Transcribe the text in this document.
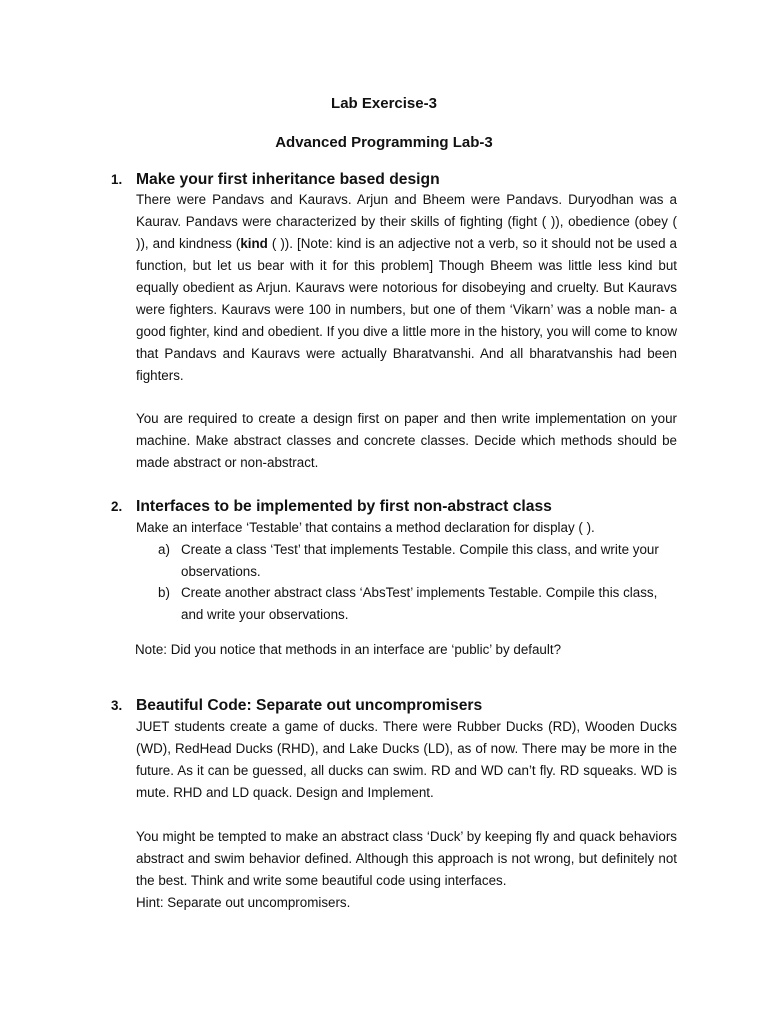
Lab Exercise-3
Advanced Programming Lab-3
1. Make your first inheritance based design

There were Pandavs and Kauravs. Arjun and Bheem were Pandavs. Duryodhan was a Kaurav. Pandavs were characterized by their skills of fighting (fight ( )), obedience (obey ( )), and kindness (kind ( )). [Note: kind is an adjective not a verb, so it should not be used a function, but let us bear with it for this problem] Though Bheem was little less kind but equally obedient as Arjun. Kauravs were notorious for disobeying and cruelty. But Kauravs were fighters. Kauravs were 100 in numbers, but one of them ‘Vikarn’ was a noble man- a good fighter, kind and obedient. If you dive a little more in the history, you will come to know that Pandavs and Kauravs were actually Bharatvanshi. And all bharatvanshis had been fighters.

You are required to create a design first on paper and then write implementation on your machine. Make abstract classes and concrete classes. Decide which methods should be made abstract or non-abstract.

2. Interfaces to be implemented by first non-abstract class

Make an interface ‘Testable’ that contains a method declaration for display ( ).

a) Create a class ‘Test’ that implements Testable. Compile this class, and write your observations.

b) Create another abstract class ‘AbsTest’ implements Testable. Compile this class, and write your observations.

Note: Did you notice that methods in an interface are ‘public’ by default?

3. Beautiful Code: Separate out uncompromisers

JUET students create a game of ducks. There were Rubber Ducks (RD), Wooden Ducks (WD), RedHead Ducks (RHD), and Lake Ducks (LD), as of now. There may be more in the future. As it can be guessed, all ducks can swim. RD and WD can’t fly. RD squeaks. WD is mute. RHD and LD quack. Design and Implement.

You might be tempted to make an abstract class ‘Duck’ by keeping fly and quack behaviors abstract and swim behavior defined. Although this approach is not wrong, but definitely not the best. Think and write some beautiful code using interfaces.

Hint: Separate out uncompromisers.
